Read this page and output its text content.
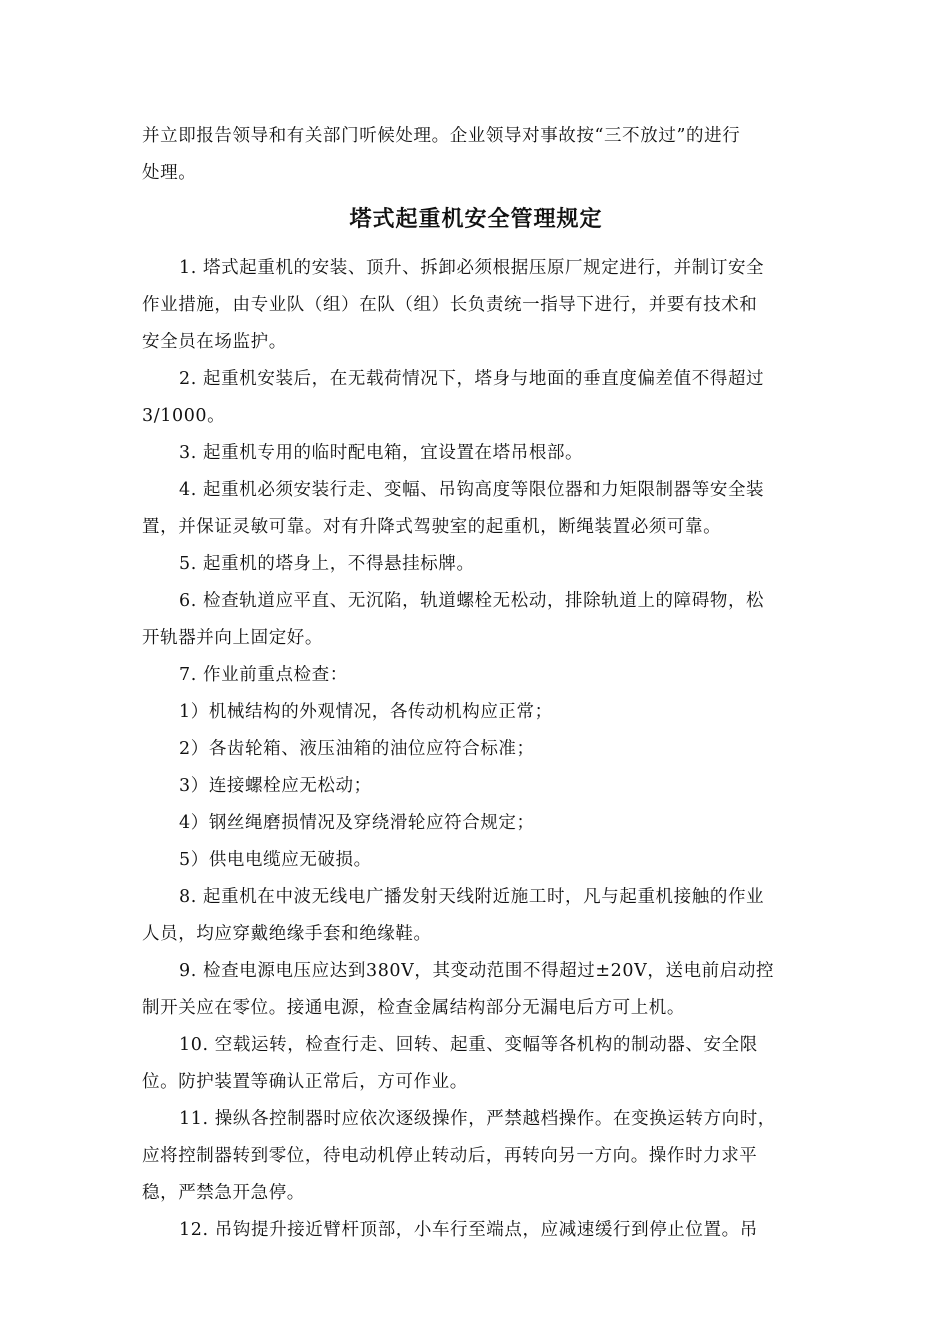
并立即报告领导和有关部门听候处理。企业领导对事故按“三不放过”的进行
处理。
塔式起重机安全管理规定
1. 塔式起重机的安装、顶升、拆卸必须根据压原厂规定进行，并制订安全
作业措施，由专业队（组）在队（组）长负责统一指导下进行，并要有技术和
安全员在场监护。
2. 起重机安装后，在无载荷情况下，塔身与地面的垂直度偏差值不得超过
3/1000。
3. 起重机专用的临时配电箱，宜设置在塔吊根部。
4. 起重机必须安装行走、变幅、吊钩高度等限位器和力矩限制器等安全装
置，并保证灵敏可靠。对有升降式驾驶室的起重机，断绳装置必须可靠。
5. 起重机的塔身上，不得悬挂标牌。
6. 检查轨道应平直、无沉陷，轨道螺栓无松动，排除轨道上的障碍物，松
开轨器并向上固定好。
7. 作业前重点检查：
1）机械结构的外观情况，各传动机构应正常；
2）各齿轮箱、液压油箱的油位应符合标准；
3）连接螺栓应无松动；
4）钢丝绳磨损情况及穿绕滑轮应符合规定；
5）供电电缆应无破损。
8. 起重机在中波无线电广播发射天线附近施工时，凡与起重机接触的作业
人员，均应穿戴绝缘手套和绝缘鞋。
9. 检查电源电压应达到380V，其变动范围不得超过±20V，送电前启动控
制开关应在零位。接通电源，检查金属结构部分无漏电后方可上机。
10. 空载运转，检查行走、回转、起重、变幅等各机构的制动器、安全限
位。防护装置等确认正常后，方可作业。
11. 操纵各控制器时应依次逐级操作，严禁越档操作。在变换运转方向时，
应将控制器转到零位，待电动机停止转动后，再转向另一方向。操作时力求平
稳，严禁急开急停。
12. 吊钩提升接近臂杆顶部，小车行至端点，应减速缓行到停止位置。吊
